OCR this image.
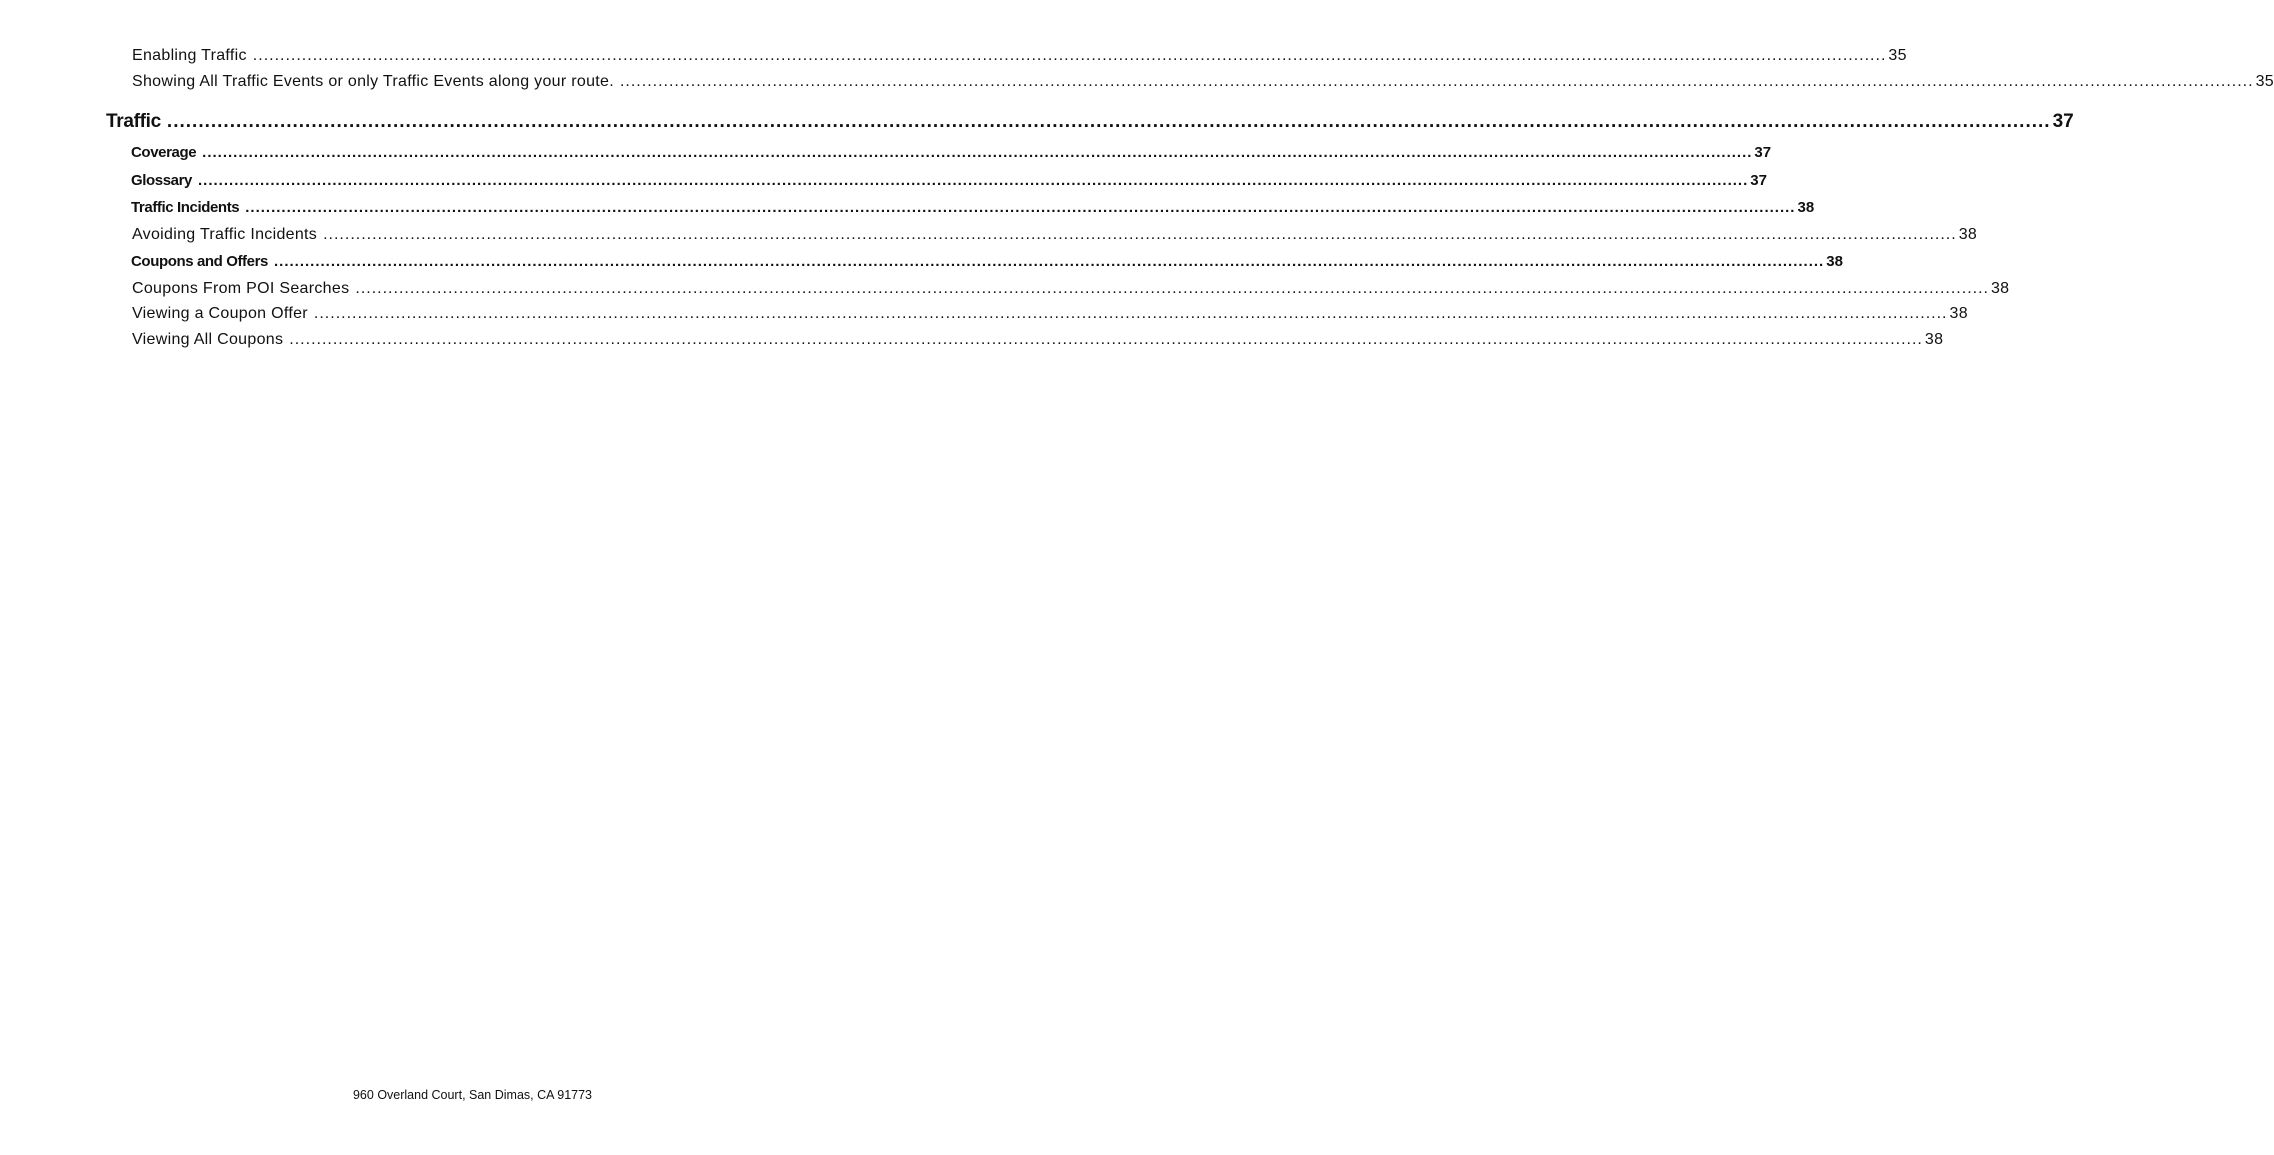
Enabling Traffic ............................................................................................................................................................................................................................................................................................................ 35
Showing All Traffic Events or only Traffic Events along your route. ............................................................................................................................................................................................................................................................................................................ 35
Traffic ............................................................................................................................................................................................................................................................................................................ 37
Coverage ............................................................................................................................................................................................................................................................................................................ 37
Glossary ............................................................................................................................................................................................................................................................................................................ 37
Traffic Incidents ............................................................................................................................................................................................................................................................................................................ 38
Avoiding Traffic Incidents ............................................................................................................................................................................................................................................................................................................ 38
Coupons and Offers ............................................................................................................................................................................................................................................................................................................ 38
Coupons From POI Searches ............................................................................................................................................................................................................................................................................................................ 38
Viewing a Coupon Offer ............................................................................................................................................................................................................................................................................................................ 38
Viewing All Coupons ............................................................................................................................................................................................................................................................................................................ 38
960 Overland Court, San Dimas, CA 91773
